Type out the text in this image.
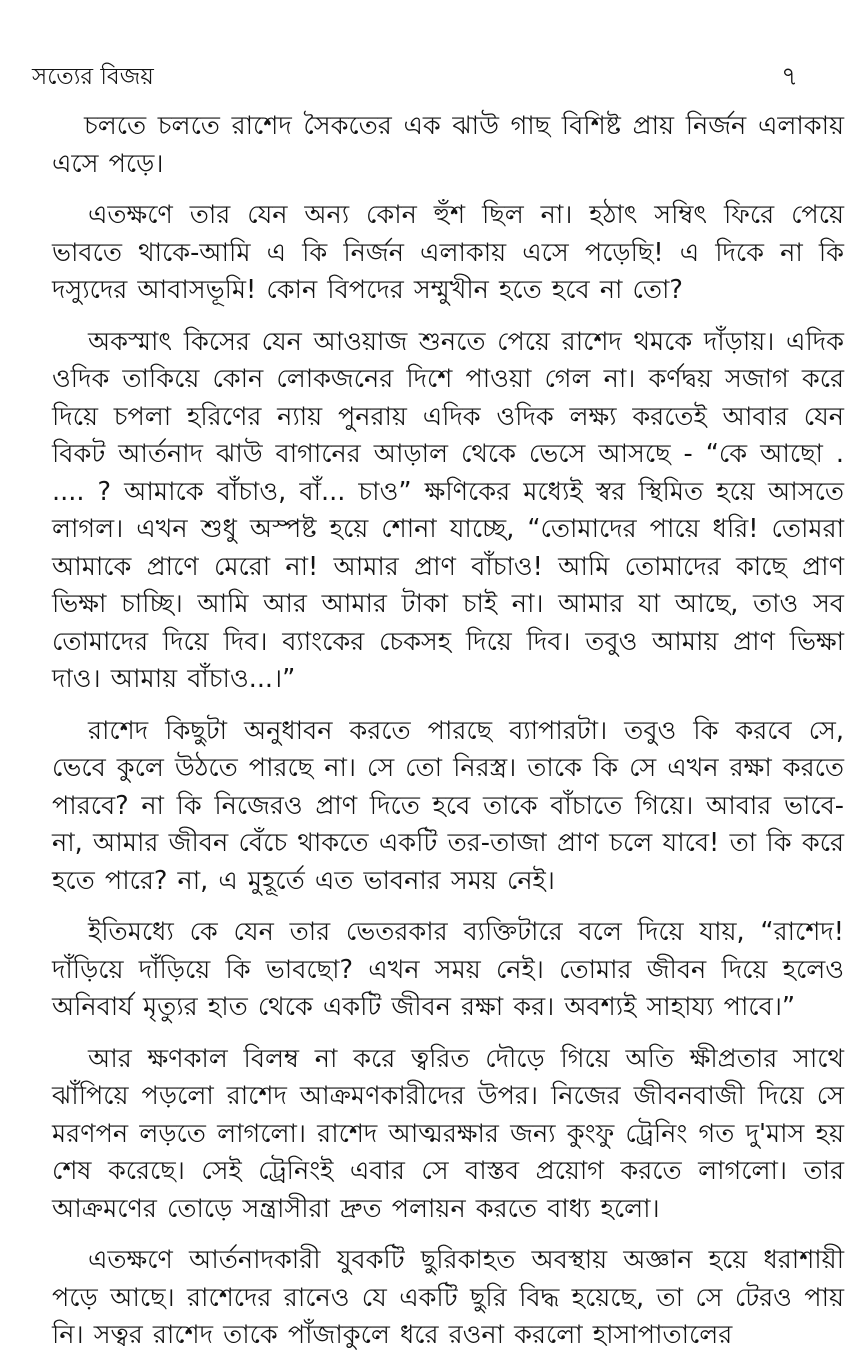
সত্যের বিজয়	৭

চলতে চলতে রাশেদ সৈকতের এক ঝাউ গাছ বিশিষ্ট প্রায় নির্জন এলাকায় এসে পড়ে।

এতক্ষণে তার যেন অন্য কোন হুঁশ ছিল না। হঠাৎ সম্বিৎ ফিরে পেয়ে ভাবতে থাকে-আমি এ কি নির্জন এলাকায় এসে পড়েছি! এ দিকে না কি দস্যুদের আবাসভূমি! কোন বিপদের সম্মুখীন হতে হবে না তো?

অকস্মাৎ কিসের যেন আওয়াজ শুনতে পেয়ে রাশেদ থমকে দাঁড়ায়। এদিক ওদিক তাকিয়ে কোন লোকজনের দিশে পাওয়া গেল না। কর্ণদ্বয় সজাগ করে দিয়ে চপলা হরিণের ন্যায় পুনরায় এদিক ওদিক লক্ষ্য করতেই আবার যেন বিকট আর্তনাদ ঝাউ বাগানের আড়াল থেকে ভেসে আসছে - “কে আছো . .... ? আমাকে বাঁচাও, বাঁ... চাও” ক্ষণিকের মধ্যেই স্বর স্থিমিত হয়ে আসতে লাগল। এখন শুধু অস্পষ্ট হয়ে শোনা যাচ্ছে, “তোমাদের পায়ে ধরি! তোমরা আমাকে প্রাণে মেরো না! আমার প্রাণ বাঁচাও! আমি তোমাদের কাছে প্রাণ ভিক্ষা চাচ্ছি। আমি আর আমার টাকা চাই না। আমার যা আছে, তাও সব তোমাদের দিয়ে দিব। ব্যাংকের চেকসহ দিয়ে দিব। তবুও আমায় প্রাণ ভিক্ষা দাও। আমায় বাঁচাও...।”

রাশেদ কিছুটা অনুধাবন করতে পারছে ব্যাপারটা। তবুও কি করবে সে, ভেবে কুলে উঠতে পারছে না। সে তো নিরস্ত্র। তাকে কি সে এখন রক্ষা করতে পারবে? না কি নিজেরও প্রাণ দিতে হবে তাকে বাঁচাতে গিয়ে। আবার ভাবে- না, আমার জীবন বেঁচে থাকতে একটি তর-তাজা প্রাণ চলে যাবে! তা কি করে হতে পারে? না, এ মুহূর্তে এত ভাবনার সময় নেই।

ইতিমধ্যে কে যেন তার ভেতরকার ব্যক্তিটারে বলে দিয়ে যায়, “রাশেদ! দাঁড়িয়ে দাঁড়িয়ে কি ভাবছো? এখন সময় নেই। তোমার জীবন দিয়ে হলেও অনিবার্য মৃত্যুর হাত থেকে একটি জীবন রক্ষা কর। অবশ্যই সাহায্য পাবে।”

আর ক্ষণকাল বিলম্ব না করে ত্বরিত দৌড়ে গিয়ে অতি ক্ষীপ্রতার সাথে ঝাঁপিয়ে পড়লো রাশেদ আক্রমণকারীদের উপর। নিজের জীবনবাজী দিয়ে সে মরণপন লড়তে লাগলো। রাশেদ আত্মরক্ষার জন্য কুংফু ট্রেনিং গত দু'মাস হয় শেষ করেছে। সেই ট্রেনিংই এবার সে বাস্তব প্রয়োগ করতে লাগলো। তার আক্রমণের তোড়ে সন্ত্রাসীরা দ্রুত পলায়ন করতে বাধ্য হলো।

এতক্ষণে আর্তনাদকারী যুবকটি ছুরিকাহত অবস্থায় অজ্ঞান হয়ে ধরাশায়ী পড়ে আছে। রাশেদের রানেও যে একটি ছুরি বিদ্ধ হয়েছে, তা সে টেরও পায় নি। সত্বর রাশেদ তাকে পাঁজাকুলে ধরে রওনা করলো হাসাপাতালের
